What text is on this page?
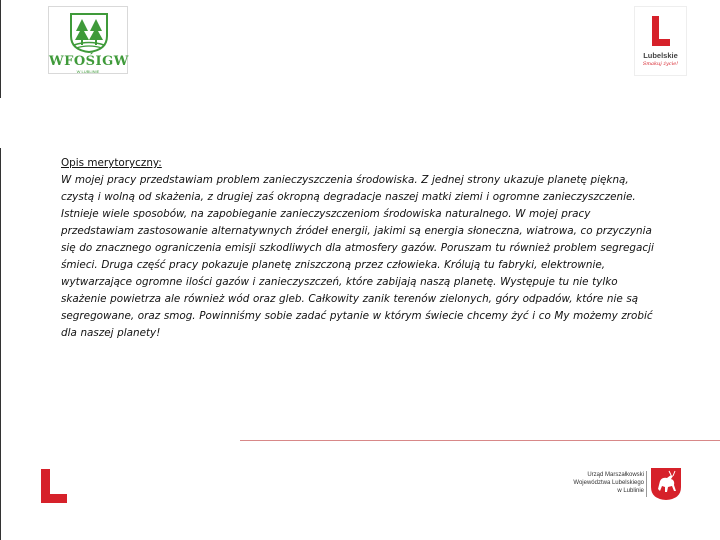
WFOŚIGW
W LUBLINIE
Lubelskie
Smakuj życie!
Opis merytoryczny:
W mojej pracy przedstawiam problem zanieczyszczenia środowiska. Z jednej strony ukazuje planetę piękną, czystą i wolną od skażenia, z drugiej zaś okropną degradacje naszej matki ziemi i ogromne zanieczyszczenie. Istnieje wiele sposobów, na zapobieganie zanieczyszczeniom środowiska naturalnego. W mojej pracy przedstawiam zastosowanie alternatywnych źródeł energii, jakimi są energia słoneczna, wiatrowa, co przyczynia się do znacznego ograniczenia emisji szkodliwych dla atmosfery gazów. Poruszam tu również problem segregacji śmieci. Druga część pracy pokazuje planetę zniszczoną przez człowieka. Królują tu fabryki, elektrownie, wytwarzające ogromne ilości gazów i zanieczyszczeń, które zabijają naszą planetę. Występuje tu nie tylko skażenie powietrza ale również wód oraz gleb. Całkowity zanik terenów zielonych, góry odpadów, które nie są segregowane, oraz smog. Powinniśmy sobie zadać pytanie w którym świecie chcemy żyć i co My możemy zrobić dla naszej planety!
Urząd Marszałkowski
Województwa Lubelskiego
w Lublinie
